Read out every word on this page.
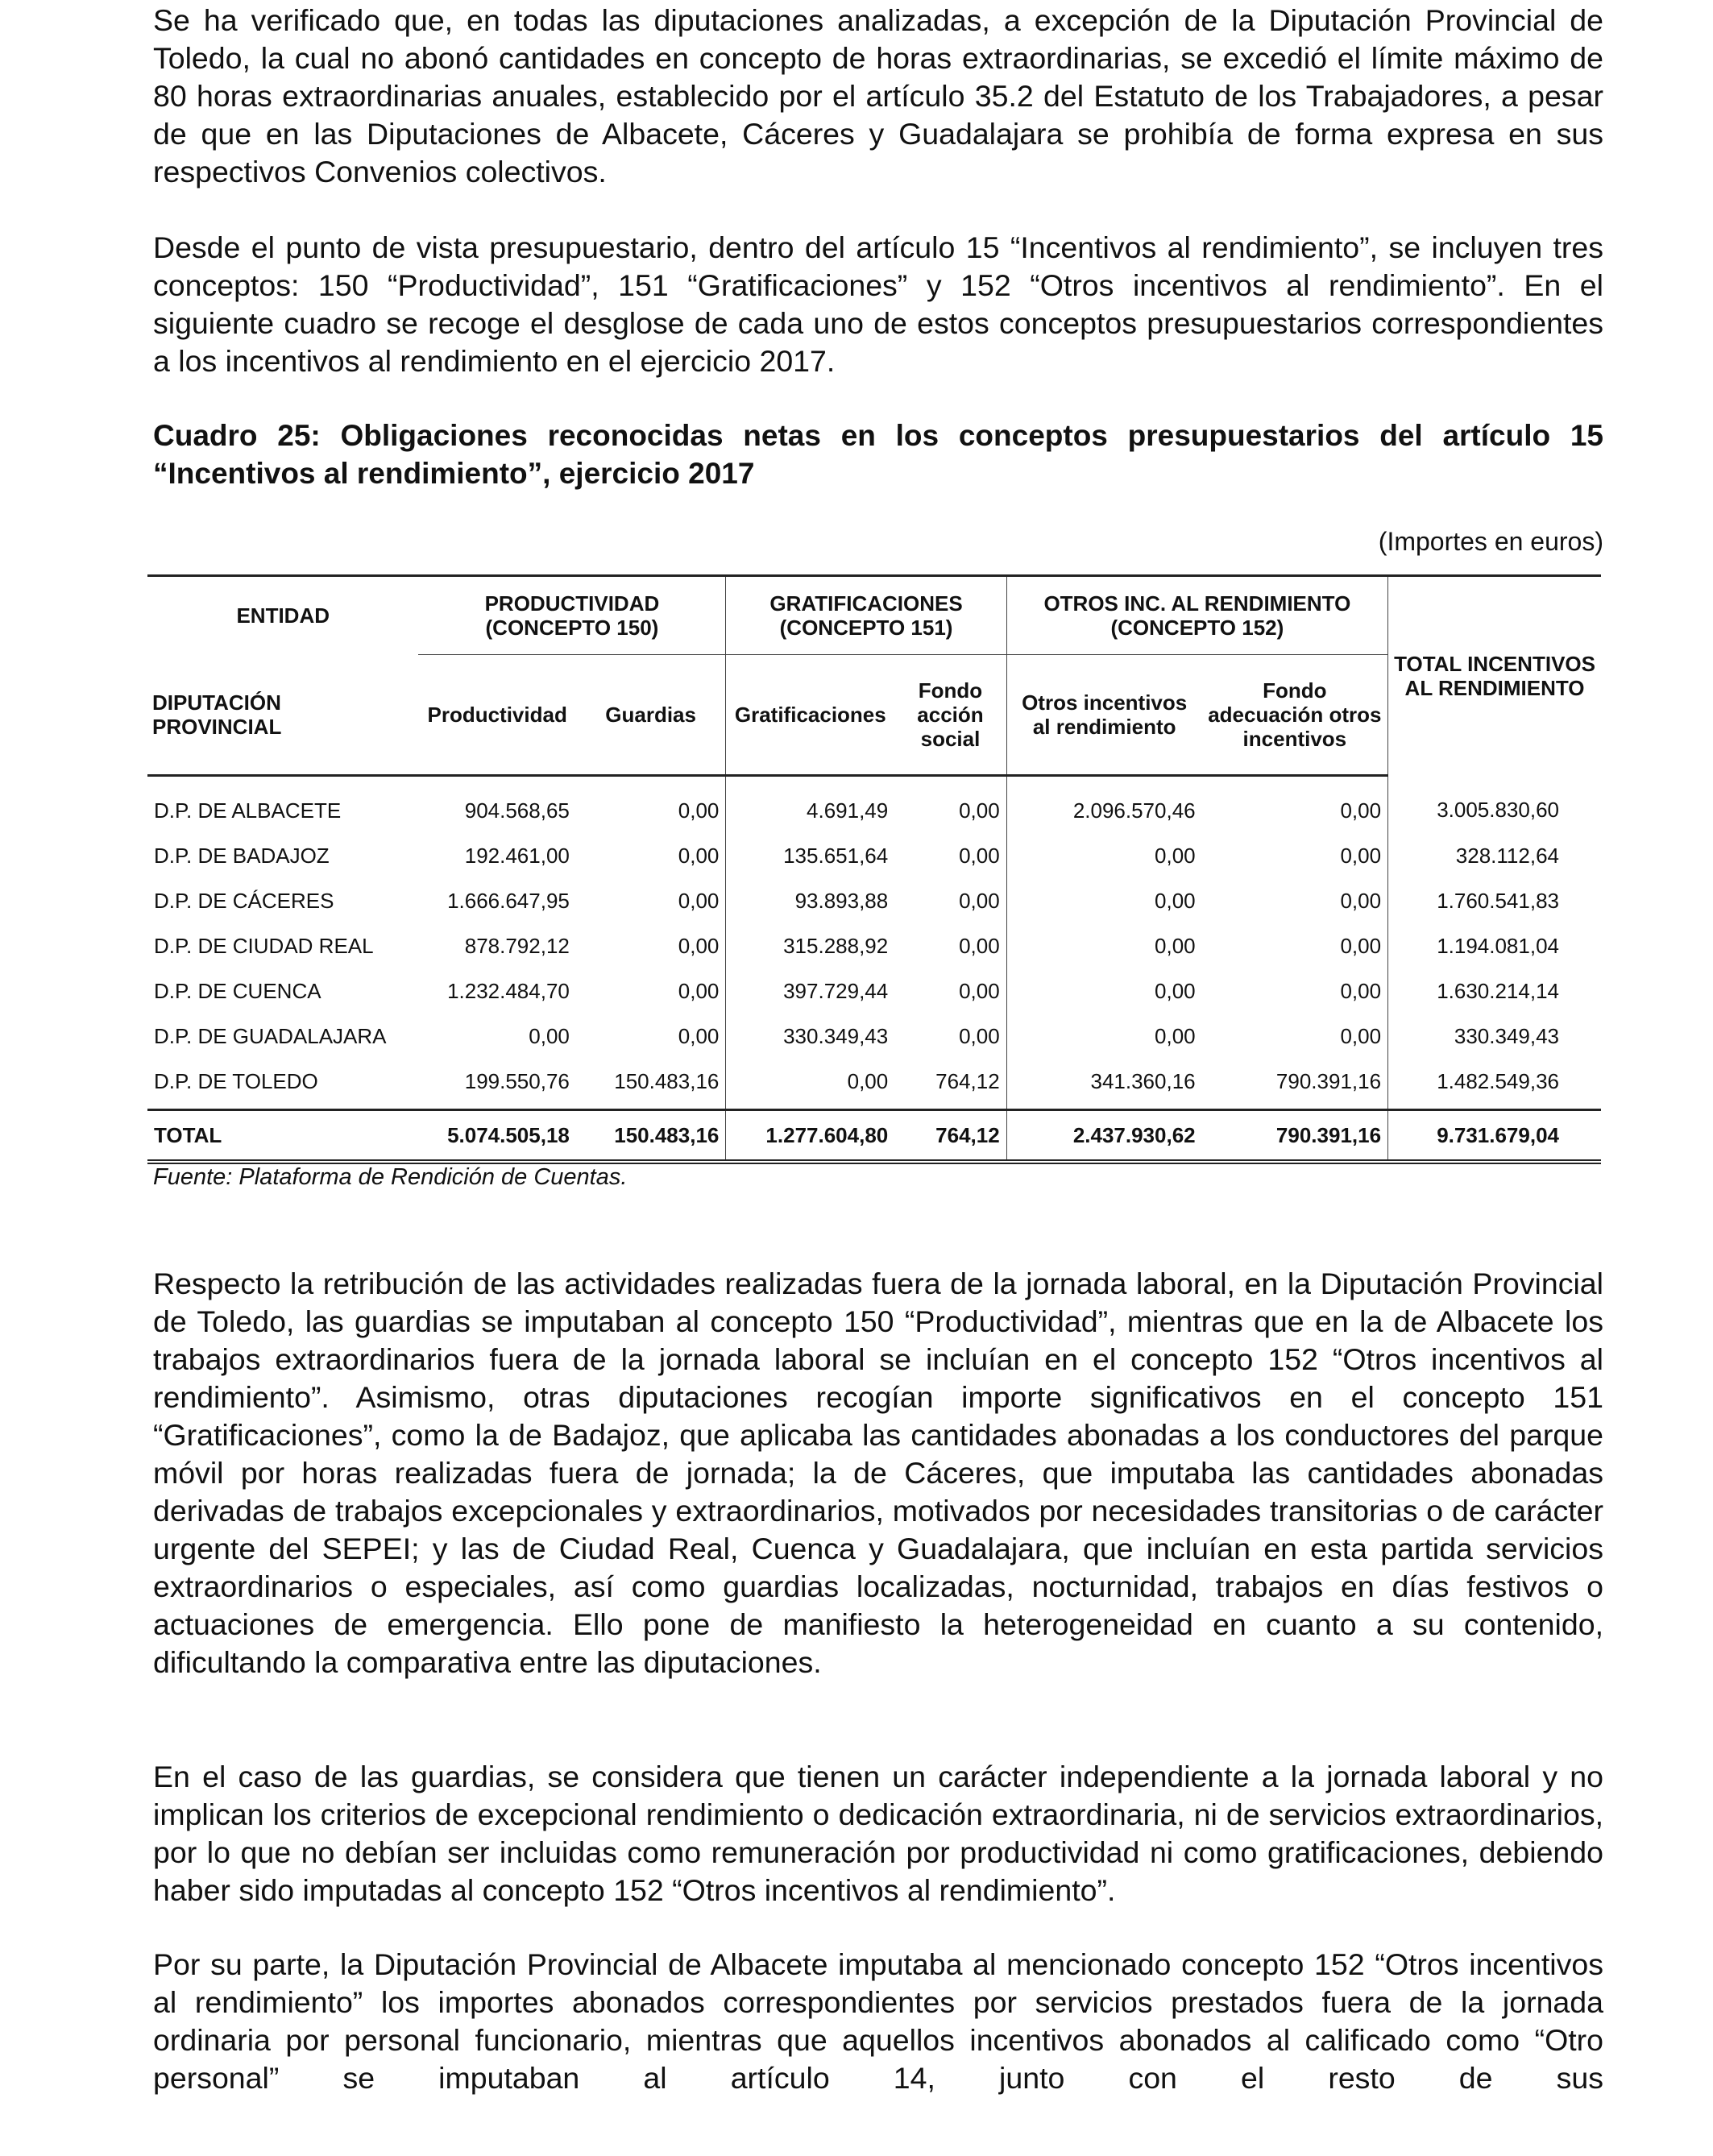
Se ha verificado que, en todas las diputaciones analizadas, a excepción de la Diputación Provincial de Toledo, la cual no abonó cantidades en concepto de horas extraordinarias, se excedió el límite máximo de 80 horas extraordinarias anuales, establecido por el artículo 35.2 del Estatuto de los Trabajadores, a pesar de que en las Diputaciones de Albacete, Cáceres y Guadalajara se prohibía de forma expresa en sus respectivos Convenios colectivos.

Desde el punto de vista presupuestario, dentro del artículo 15 “Incentivos al rendimiento”, se incluyen tres conceptos: 150 “Productividad”, 151 “Gratificaciones” y 152 “Otros incentivos al rendimiento”. En el siguiente cuadro se recoge el desglose de cada uno de estos conceptos presupuestarios correspondientes a los incentivos al rendimiento en el ejercicio 2017.

Cuadro 25: Obligaciones reconocidas netas en los conceptos presupuestarios del artículo 15 “Incentivos al rendimiento”, ejercicio 2017

(Importes en euros)

ENTIDAD	PRODUCTIVIDAD (CONCEPTO 150)		GRATIFICACIONES (CONCEPTO 151)		OTROS INC. AL RENDIMIENTO (CONCEPTO 152)		TOTAL INCENTIVOS AL RENDIMIENTO
DIPUTACIÓN PROVINCIAL	Productividad	Guardias	Gratificaciones	Fondo acción social	Otros incentivos al rendimiento	Fondo adecuación otros incentivos	
D.P. DE ALBACETE	904.568,65	0,00	4.691,49	0,00	2.096.570,46	0,00	3.005.830,60
D.P. DE BADAJOZ	192.461,00	0,00	135.651,64	0,00	0,00	0,00	328.112,64
D.P. DE CÁCERES	1.666.647,95	0,00	93.893,88	0,00	0,00	0,00	1.760.541,83
D.P. DE CIUDAD REAL	878.792,12	0,00	315.288,92	0,00	0,00	0,00	1.194.081,04
D.P. DE CUENCA	1.232.484,70	0,00	397.729,44	0,00	0,00	0,00	1.630.214,14
D.P. DE GUADALAJARA	0,00	0,00	330.349,43	0,00	0,00	0,00	330.349,43
D.P. DE TOLEDO	199.550,76	150.483,16	0,00	764,12	341.360,16	790.391,16	1.482.549,36
TOTAL	5.074.505,18	150.483,16	1.277.604,80	764,12	2.437.930,62	790.391,16	9.731.679,04

Fuente: Plataforma de Rendición de Cuentas.

Respecto la retribución de las actividades realizadas fuera de la jornada laboral, en la Diputación Provincial de Toledo, las guardias se imputaban al concepto 150 “Productividad”, mientras que en la de Albacete los trabajos extraordinarios fuera de la jornada laboral se incluían en el concepto 152 “Otros incentivos al rendimiento”. Asimismo, otras diputaciones recogían importe significativos en el concepto 151 “Gratificaciones”, como la de Badajoz, que aplicaba las cantidades abonadas a los conductores del parque móvil por horas realizadas fuera de jornada; la de Cáceres, que imputaba las cantidades abonadas derivadas de trabajos excepcionales y extraordinarios, motivados por necesidades transitorias o de carácter urgente del SEPEI; y las de Ciudad Real, Cuenca y Guadalajara, que incluían en esta partida servicios extraordinarios o especiales, así como guardias localizadas, nocturnidad, trabajos en días festivos o actuaciones de emergencia. Ello pone de manifiesto la heterogeneidad en cuanto a su contenido, dificultando la comparativa entre las diputaciones.

En el caso de las guardias, se considera que tienen un carácter independiente a la jornada laboral y no implican los criterios de excepcional rendimiento o dedicación extraordinaria, ni de servicios extraordinarios, por lo que no debían ser incluidas como remuneración por productividad ni como gratificaciones, debiendo haber sido imputadas al concepto 152 “Otros incentivos al rendimiento”.

Por su parte, la Diputación Provincial de Albacete imputaba al mencionado concepto 152 “Otros incentivos al rendimiento” los importes abonados correspondientes por servicios prestados fuera de la jornada ordinaria por personal funcionario, mientras que aquellos incentivos abonados al calificado como “Otro personal” se imputaban al artículo 14, junto con el resto de sus
